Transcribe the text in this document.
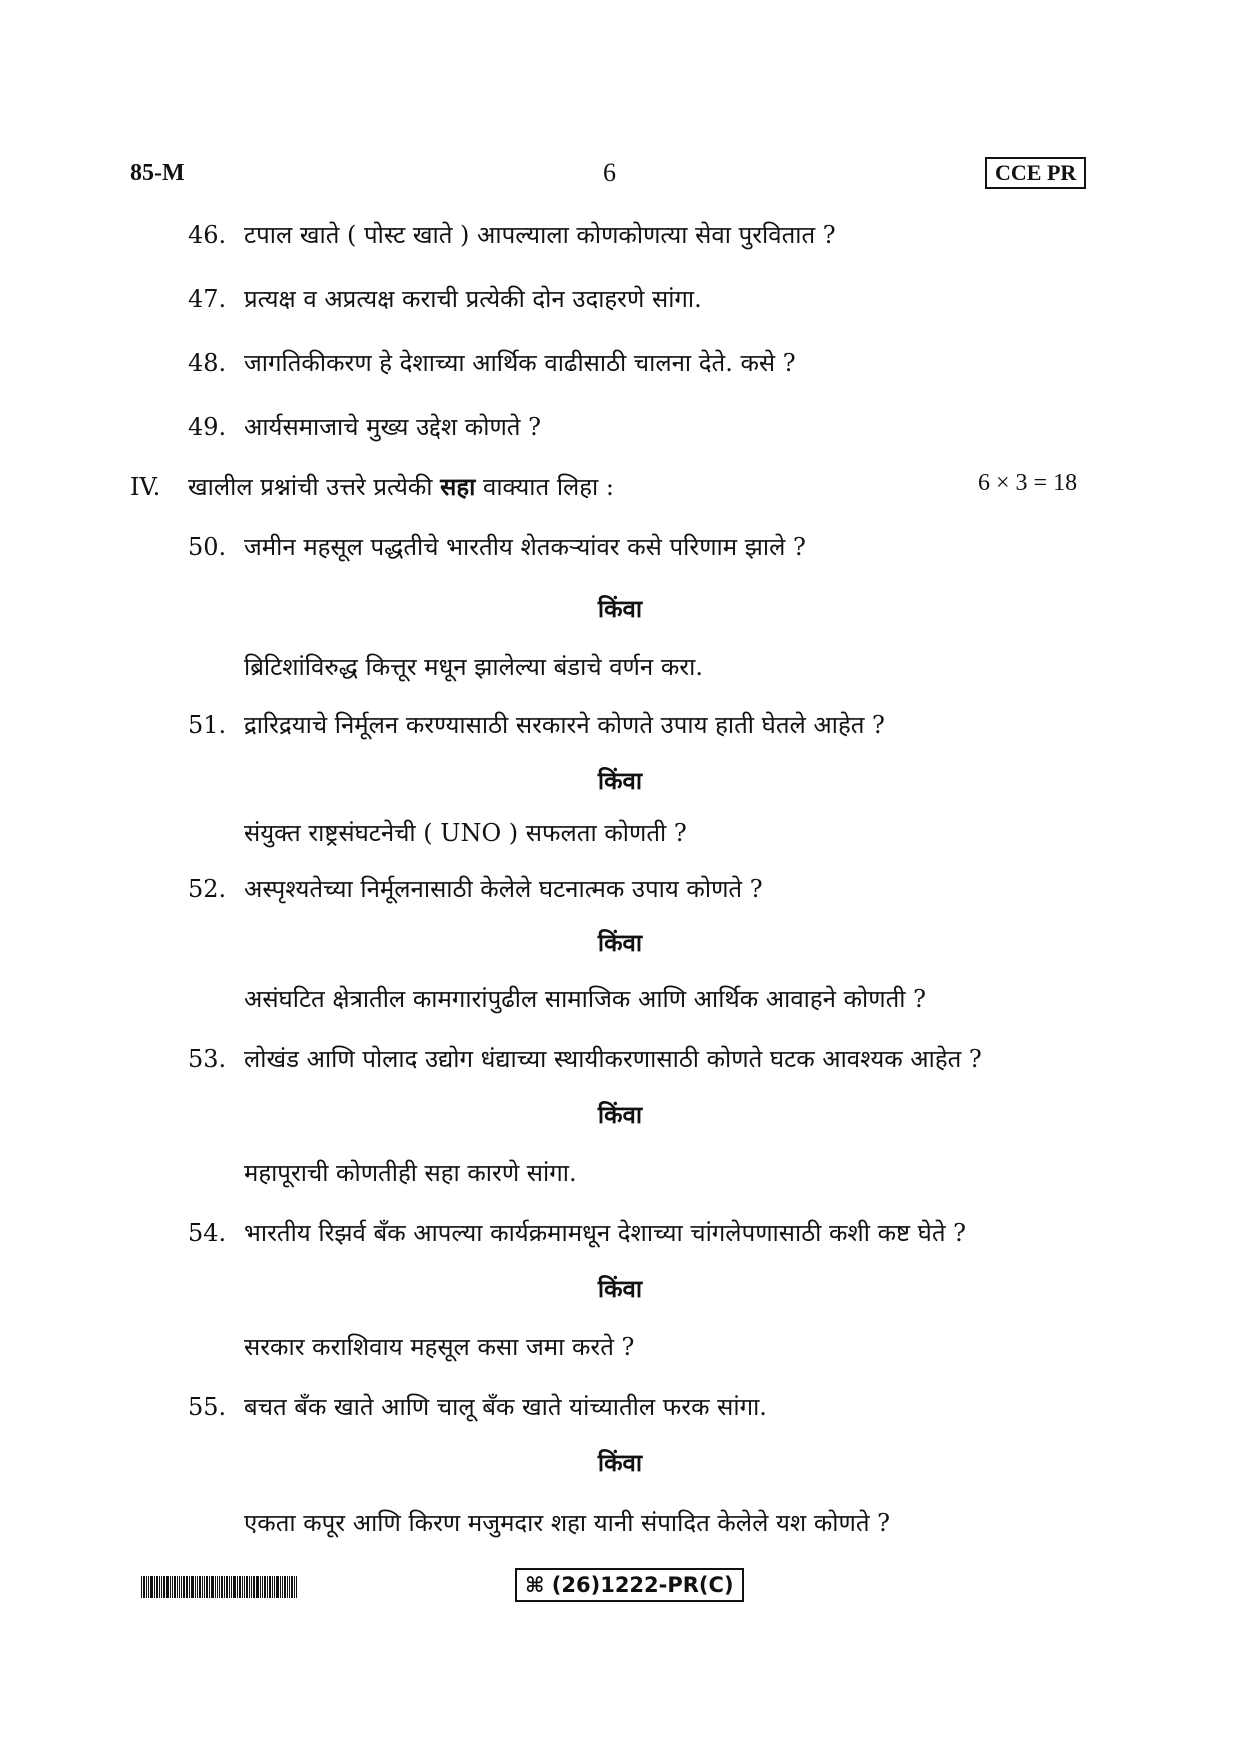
85-M	6	CCE PR
46. टपाल खाते ( पोस्ट खाते ) आपल्याला कोणकोणत्या सेवा पुरवितात ?
47. प्रत्यक्ष व अप्रत्यक्ष कराची प्रत्येकी दोन उदाहरणे सांगा.
48. जागतिकीकरण हे देशाच्या आर्थिक वाढीसाठी चालना देते. कसे ?
49. आर्यसमाजाचे मुख्य उद्देश कोणते ?
IV. खालील प्रश्नांची उत्तरे प्रत्येकी सहा वाक्यात लिहा :	6 × 3 = 18
50. जमीन महसूल पद्धतीचे भारतीय शेतकऱ्यांवर कसे परिणाम झाले ?
किंवा
ब्रिटिशांविरुद्ध कित्तूर मधून झालेल्या बंडाचे वर्णन करा.
51. द्रारिद्रयाचे निर्मूलन करण्यासाठी सरकारने कोणते उपाय हाती घेतले आहेत ?
किंवा
संयुक्त राष्ट्रसंघटनेची ( UNO ) सफलता कोणती ?
52. अस्पृश्यतेच्या निर्मूलनासाठी केलेले घटनात्मक उपाय कोणते ?
किंवा
असंघटित क्षेत्रातील कामगारांपुढील सामाजिक आणि आर्थिक आवाहने कोणती ?
53. लोखंड आणि पोलाद उद्योग धंद्याच्या स्थायीकरणासाठी कोणते घटक आवश्यक आहेत ?
किंवा
महापूराची कोणतीही सहा कारणे सांगा.
54. भारतीय रिझर्व बँक आपल्या कार्यक्रमामधून देशाच्या चांगलेपणासाठी कशी कष्ट घेते ?
किंवा
सरकार कराशिवाय महसूल कसा जमा करते ?
55. बचत बँक खाते आणि चालू बँक खाते यांच्यातील फरक सांगा.
किंवा
एकता कपूर आणि किरण मजुमदार शहा यानी संपादित केलेले यश कोणते ?
⌘ (26)1222-PR(C)
